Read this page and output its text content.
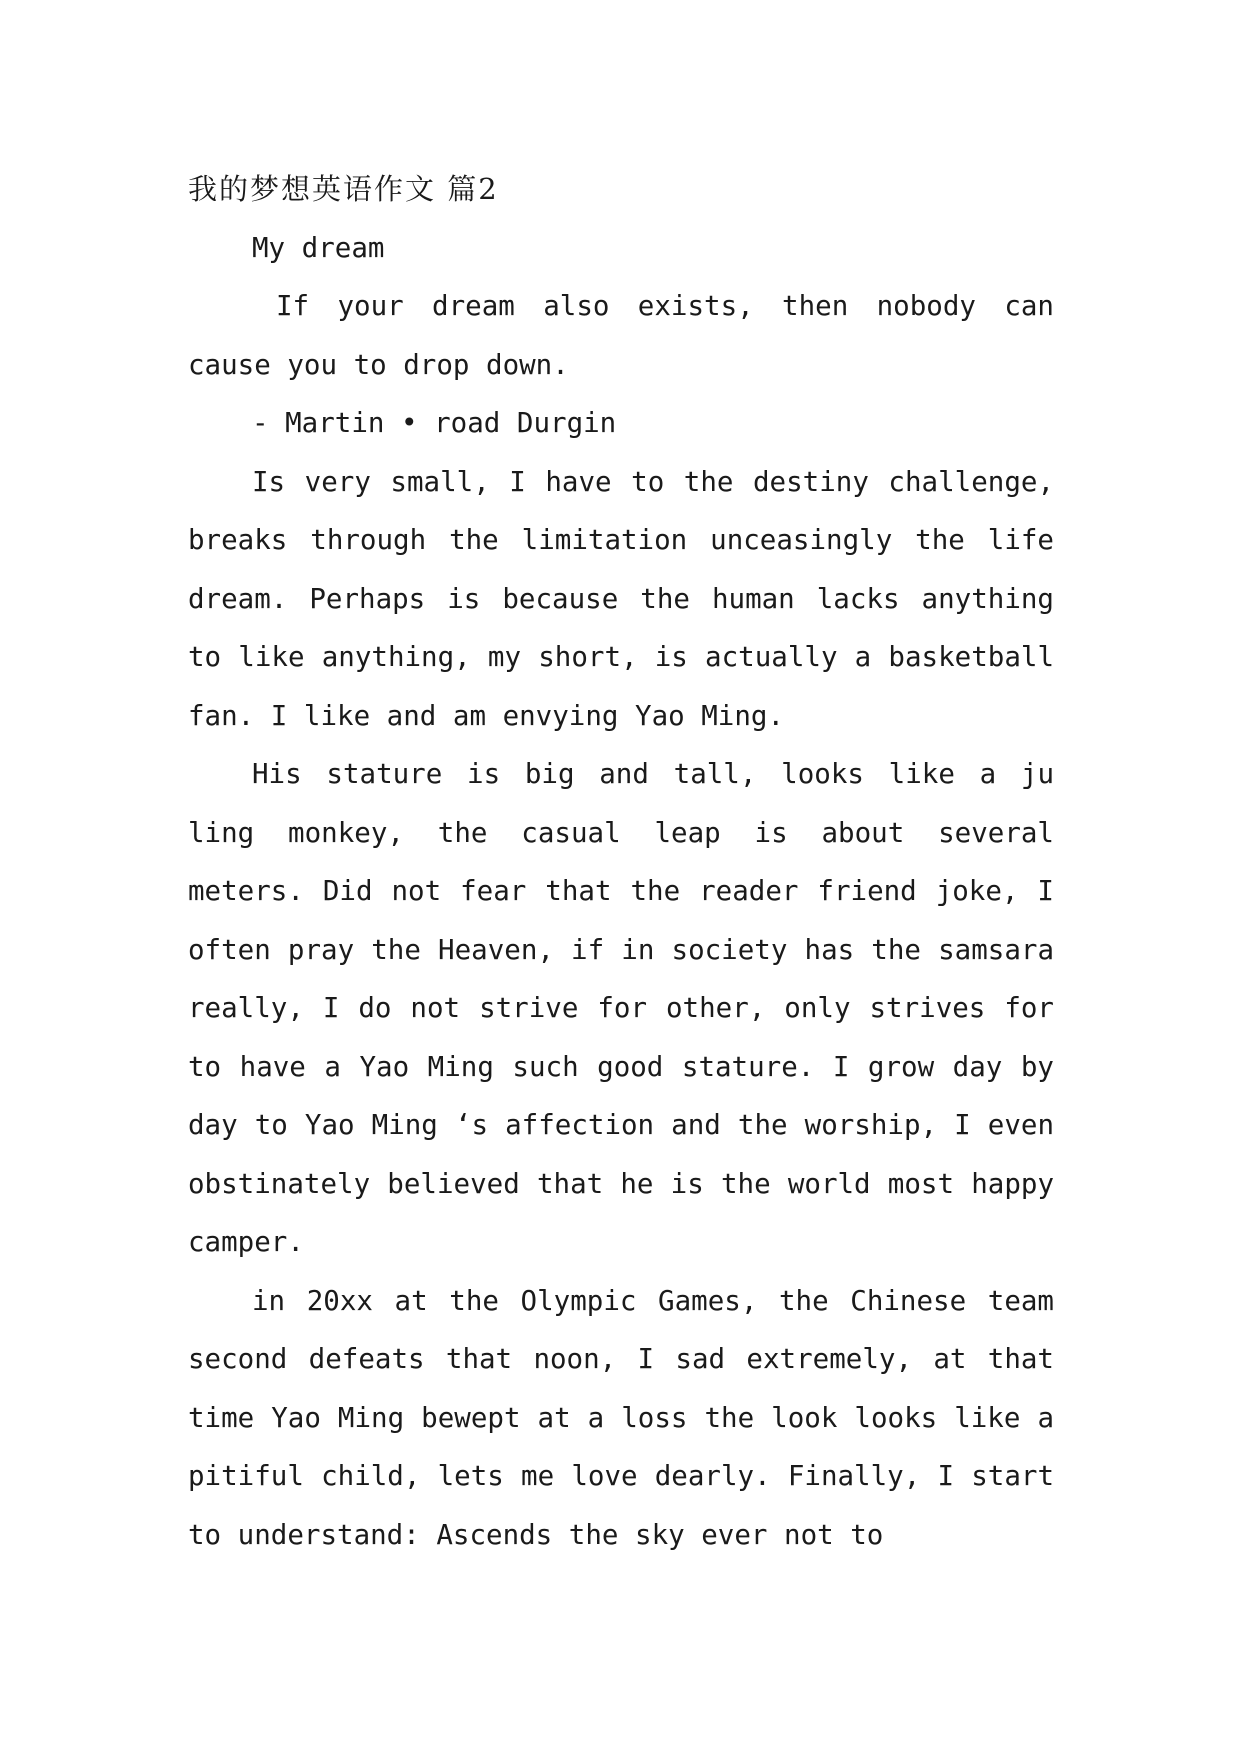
我的梦想英语作文 篇2

My dream

If your dream also exists, then nobody can cause you to drop down.

- Martin • road Durgin

Is very small, I have to the destiny challenge, breaks through the limitation unceasingly the life dream. Perhaps is because the human lacks anything to like anything, my short, is actually a basketball fan. I like and am envying Yao Ming.

His stature is big and tall, looks like a ju ling monkey, the casual leap is about several meters. Did not fear that the reader friend joke, I often pray the Heaven, if in society has the samsara really, I do not strive for other, only strives for to have a Yao Ming such good stature. I grow day by day to Yao Ming ‘s affection and the worship, I even obstinately believed that he is the world most happy camper.

in 20xx at the Olympic Games, the Chinese team second defeats that noon, I sad extremely, at that time Yao Ming bewept at a loss the look looks like a pitiful child, lets me love dearly. Finally, I start to understand: Ascends the sky ever not to
